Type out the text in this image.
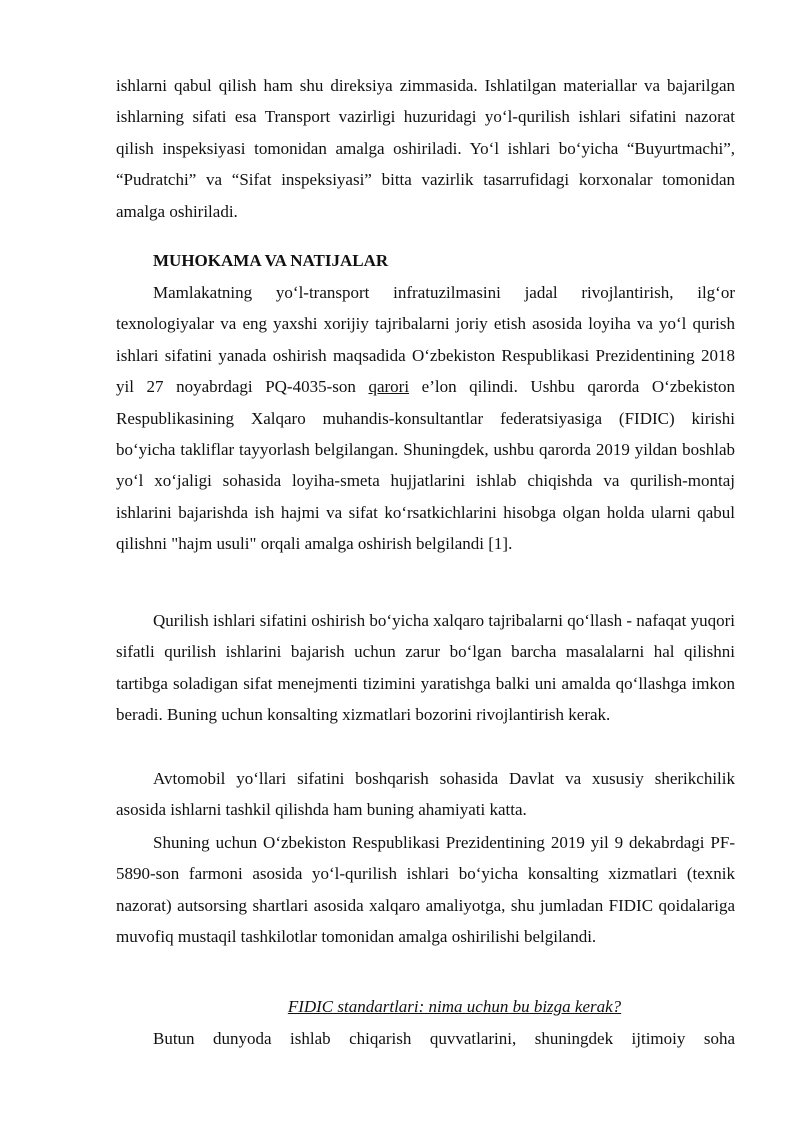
ishlarni qabul qilish ham shu direksiya zimmasida. Ishlatilgan materiallar va bajarilgan ishlarning sifati esa Transport vazirligi huzuridagi yo‘l-qurilish ishlari sifatini nazorat qilish inspeksiyasi tomonidan amalga oshiriladi. Yo‘l ishlari bo‘yicha “Buyurtmachi”, “Pudratchi” va “Sifat inspeksiyasi” bitta vazirlik tasarrufidagi korxonalar tomonidan amalga oshiriladi.

MUHOKAMA VA NATIJALAR

Mamlakatning yo‘l-transport infratuzilmasini jadal rivojlantirish, ilg‘or texnologiyalar va eng yaxshi xorijiy tajribalarni joriy etish asosida loyiha va yo‘l qurish ishlari sifatini yanada oshirish maqsadida O‘zbekiston Respublikasi Prezidentining 2018 yil 27 noyabrdagi PQ-4035-son qarori e’lon qilindi. Ushbu qarorda O‘zbekiston Respublikasining Xalqaro muhandis-konsultantlar federatsiyasiga (FIDIC) kirishi bo‘yicha takliflar tayyorlash belgilangan. Shuningdek, ushbu qarorda 2019 yildan boshlab yo‘l xo‘jaligi sohasida loyiha-smeta hujjatlarini ishlab chiqishda va qurilish-montaj ishlarini bajarishda ish hajmi va sifat ko‘rsatkichlarini hisobga olgan holda ularni qabul qilishni "hajm usuli" orqali amalga oshirish belgilandi [1].

Qurilish ishlari sifatini oshirish bo‘yicha xalqaro tajribalarni qo‘llash - nafaqat yuqori sifatli qurilish ishlarini bajarish uchun zarur bo‘lgan barcha masalalarni hal qilishni tartibga soladigan sifat menejmenti tizimini yaratishga balki uni amalda qo‘llashga imkon beradi. Buning uchun konsalting xizmatlari bozorini rivojlantirish kerak.

Avtomobil yo‘llari sifatini boshqarish sohasida Davlat va xususiy sherikchilik asosida ishlarni tashkil qilishda ham buning ahamiyati katta.

Shuning uchun O‘zbekiston Respublikasi Prezidentining 2019 yil 9 dekabrdagi PF-5890-son farmoni asosida yo‘l-qurilish ishlari bo‘yicha konsalting xizmatlari (texnik nazorat) autsorsing shartlari asosida xalqaro amaliyotga, shu jumladan FIDIC qoidalariga muvofiq mustaqil tashkilotlar tomonidan amalga oshirilishi belgilandi.

FIDIC standartlari: nima uchun bu bizga kerak?

Butun dunyoda ishlab chiqarish quvvatlarini, shuningdek ijtimoiy soha
